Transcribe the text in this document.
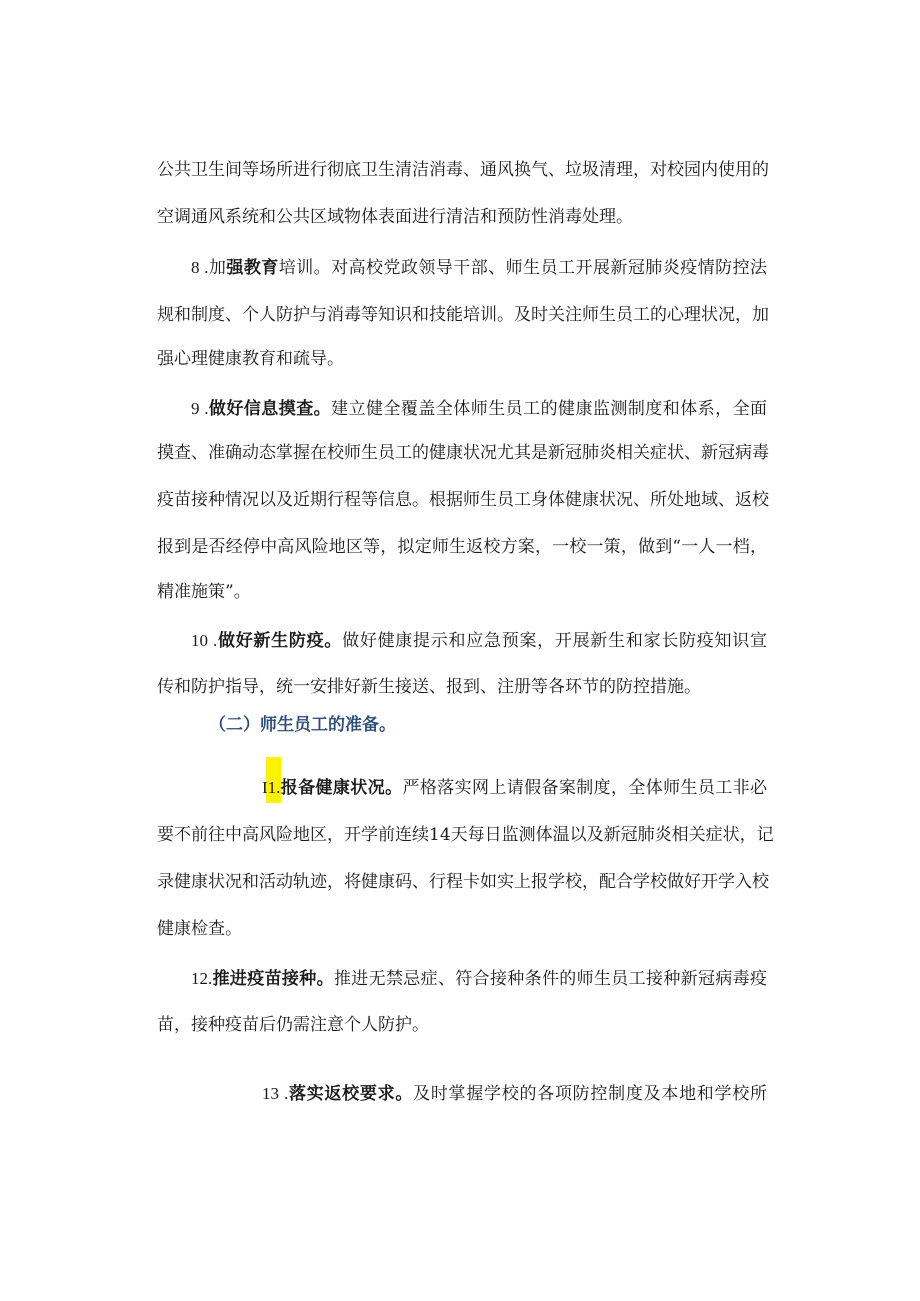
公共卫生间等场所进行彻底卫生清洁消毒、通风换气、垃圾清理，对校园内使用的
空调通风系统和公共区域物体表面进行清洁和预防性消毒处理。
8 .加强教育培训。对高校党政领导干部、师生员工开展新冠肺炎疫情防控法
规和制度、个人防护与消毒等知识和技能培训。及时关注师生员工的心理状况，加
强心理健康教育和疏导。
9 .做好信息摸查。建立健全覆盖全体师生员工的健康监测制度和体系，全面
摸查、准确动态掌握在校师生员工的健康状况尤其是新冠肺炎相关症状、新冠病毒
疫苗接种情况以及近期行程等信息。根据师生员工身体健康状况、所处地域、返校
报到是否经停中高风险地区等，拟定师生返校方案，一校一策，做到“一人一档，
精准施策”。
10 .做好新生防疫。做好健康提示和应急预案，开展新生和家长防疫知识宣
传和防护指导，统一安排好新生接送、报到、注册等各环节的防控措施。
（二）师生员工的准备。
I1.报备健康状况。严格落实网上请假备案制度，全体师生员工非必
要不前往中高风险地区，开学前连续14天每日监测体温以及新冠肺炎相关症状，记
录健康状况和活动轨迹，将健康码、行程卡如实上报学校，配合学校做好开学入校
健康检查。
12.推进疫苗接种。推进无禁忌症、符合接种条件的师生员工接种新冠病毒疫
苗，接种疫苗后仍需注意个人防护。
13 .落实返校要求。及时掌握学校的各项防控制度及本地和学校所
